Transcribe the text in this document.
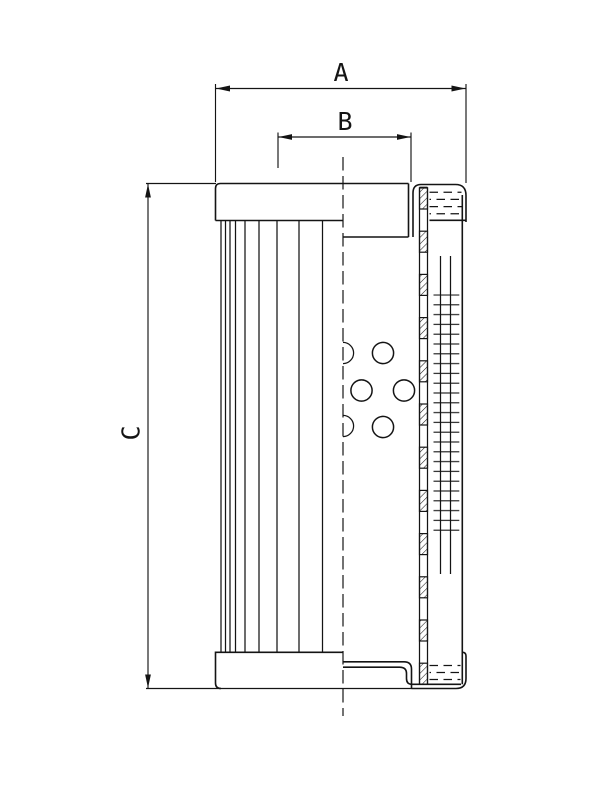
A
B
C
